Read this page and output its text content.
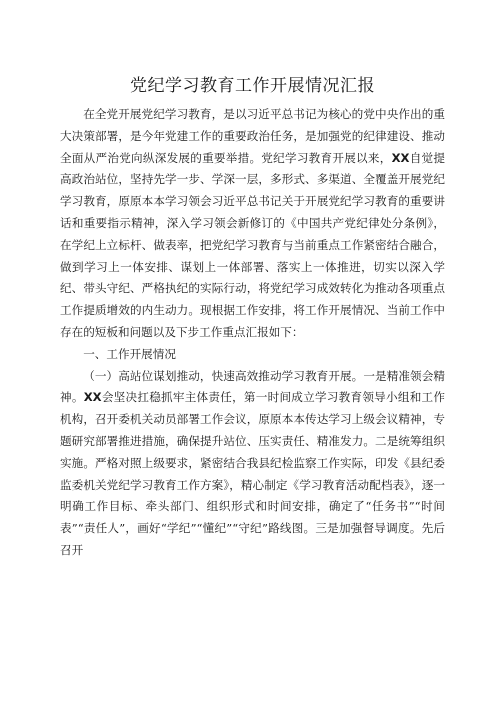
党纪学习教育工作开展情况汇报

在全党开展党纪学习教育，是以习近平总书记为核心的党中央作出的重大决策部署，是今年党建工作的重要政治任务，是加强党的纪律建设、推动全面从严治党向纵深发展的重要举措。党纪学习教育开展以来，XX自觉提高政治站位，坚持先学一步、学深一层，多形式、多渠道、全覆盖开展党纪学习教育，原原本本学习领会习近平总书记关于开展党纪学习教育的重要讲话和重要指示精神，深入学习领会新修订的《中国共产党纪律处分条例》，在学纪上立标杆、做表率，把党纪学习教育与当前重点工作紧密结合融合，做到学习上一体安排、谋划上一体部署、落实上一体推进，切实以深入学纪、带头守纪、严格执纪的实际行动，将党纪学习成效转化为推动各项重点工作提质增效的内生动力。现根据工作安排，将工作开展情况、当前工作中存在的短板和问题以及下步工作重点汇报如下：

一、工作开展情况

（一）高站位谋划推动，快速高效推动学习教育开展。一是精准领会精神。XX会坚决扛稳抓牢主体责任，第一时间成立学习教育领导小组和工作机构，召开委机关动员部署工作会议，原原本本传达学习上级会议精神，专题研究部署推进措施，确保提升站位、压实责任、精准发力。二是统筹组织实施。严格对照上级要求，紧密结合我县纪检监察工作实际，印发《县纪委监委机关党纪学习教育工作方案》，精心制定《学习教育活动配档表》，逐一明确工作目标、牵头部门、组织形式和时间安排，确定了“任务书”“时间表”“责任人”，画好“学纪”“懂纪”“守纪”路线图。三是加强督导调度。先后召开
